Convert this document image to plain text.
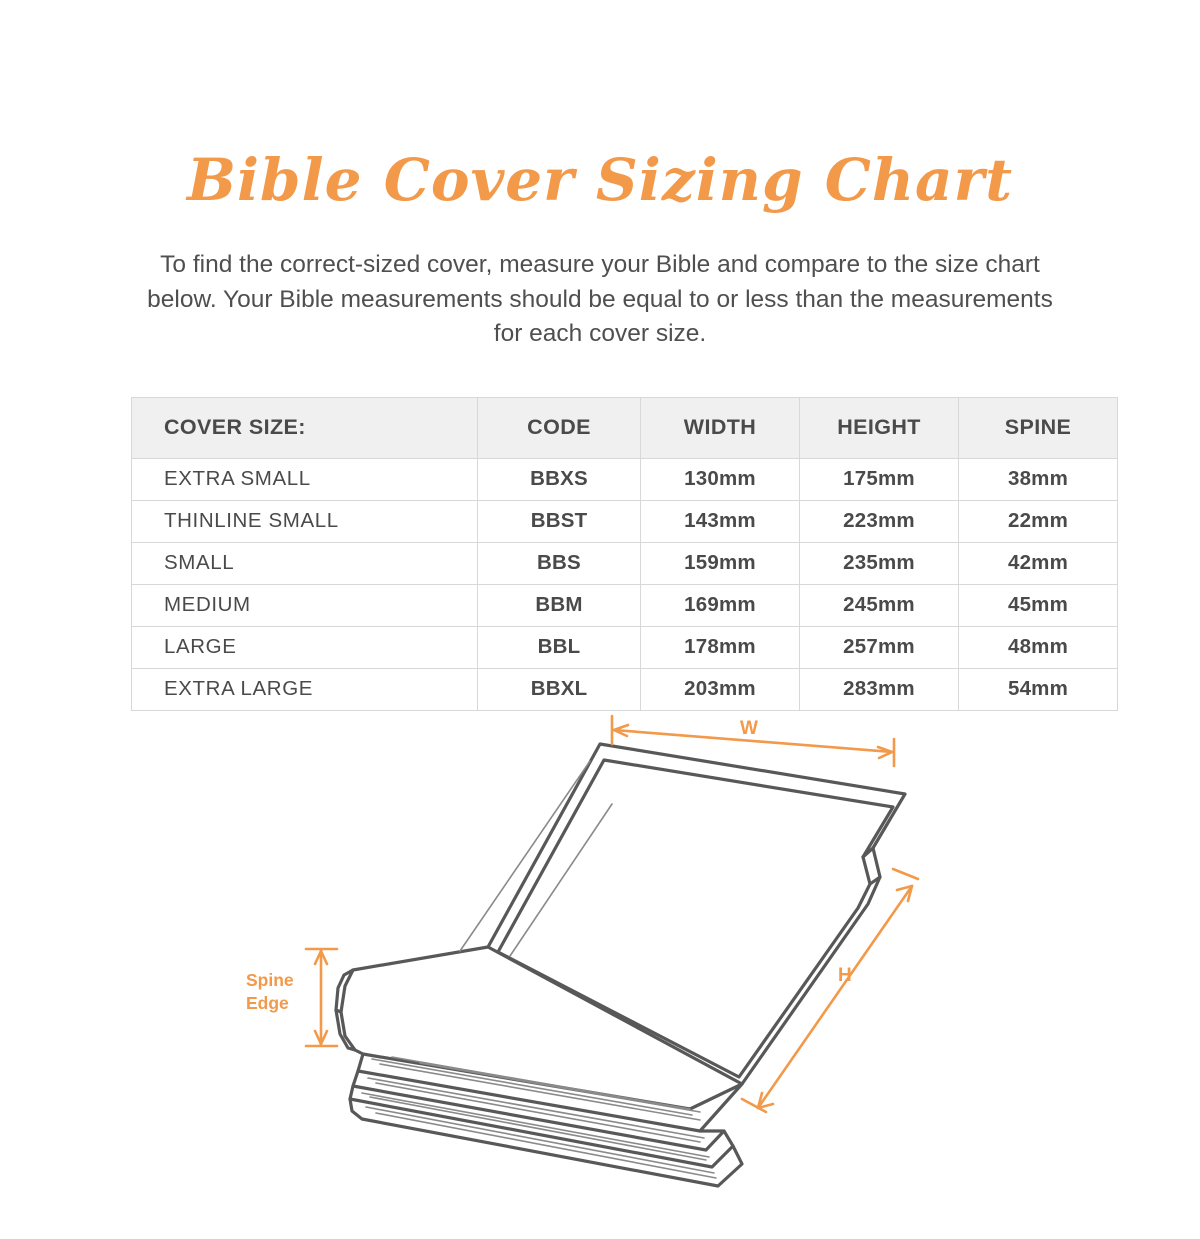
Bible Cover Sizing Chart

To find the correct-sized cover, measure your Bible and compare to the size chart below. Your Bible measurements should be equal to or less than the measurements for each cover size.

COVER SIZE:	CODE	WIDTH	HEIGHT	SPINE
EXTRA SMALL	BBXS	130mm	175mm	38mm
THINLINE SMALL	BBST	143mm	223mm	22mm
SMALL	BBS	159mm	235mm	42mm
MEDIUM	BBM	169mm	245mm	45mm
LARGE	BBL	178mm	257mm	48mm
EXTRA LARGE	BBXL	203mm	283mm	54mm
W
H
Spine
Edge
